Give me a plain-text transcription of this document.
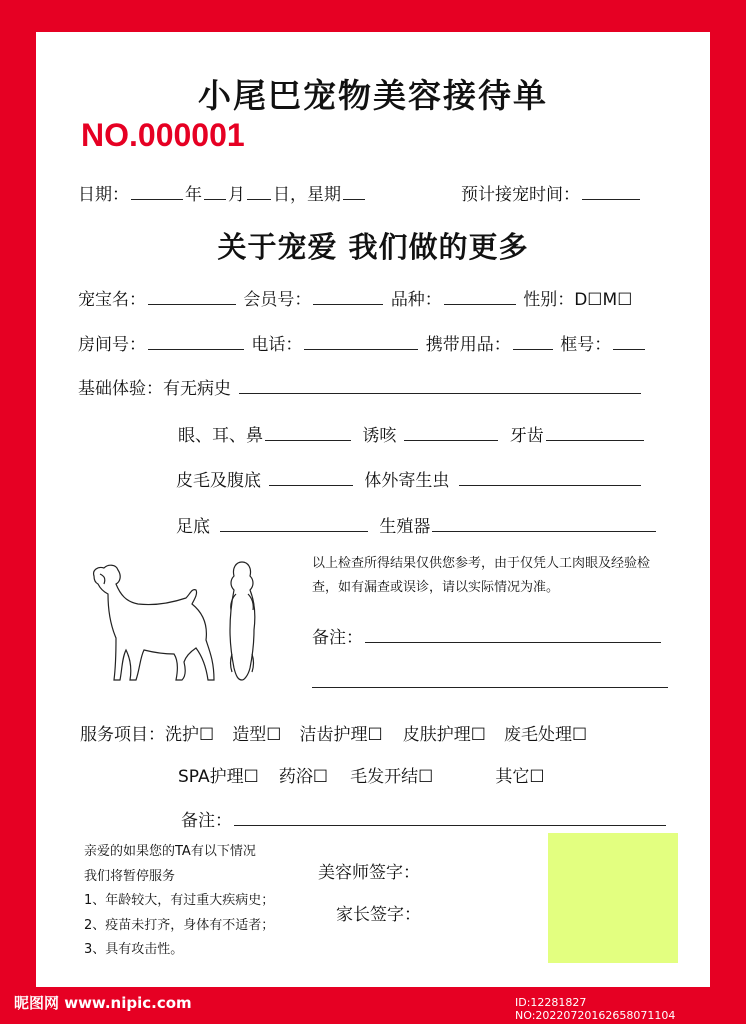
小尾巴宠物美容接待单
NO.000001
日期：	年 月 日，星期	预计接宠时间：
关于宠爱 我们做的更多
宠宝名：	会员号：	品种：	性别：D☐M☐
房间号：	电话：	携带用品：	框号：
基础体验：有无病史
眼、耳、鼻	诱咳	牙齿
皮毛及腹底	体外寄生虫
足底	生殖器
以上检查所得结果仅供您参考，由于仅凭人工肉眼及经验检查，如有漏查或误诊，请以实际情况为准。
备注：
服务项目：洗护☐ 造型☐ 洁齿护理☐ 皮肤护理☐ 废毛处理☐
SPA护理☐ 药浴☐ 毛发开结☐	其它☐
备注：
亲爱的如果您的TA有以下情况
我们将暂停服务
1、年龄较大，有过重大疾病史；
2、疫苗未打齐，身体有不适者；
3、具有攻击性。
美容师签字：
家长签字：
昵图网 www.nipic.com	ID:12281827 NO:20220720162658071104
